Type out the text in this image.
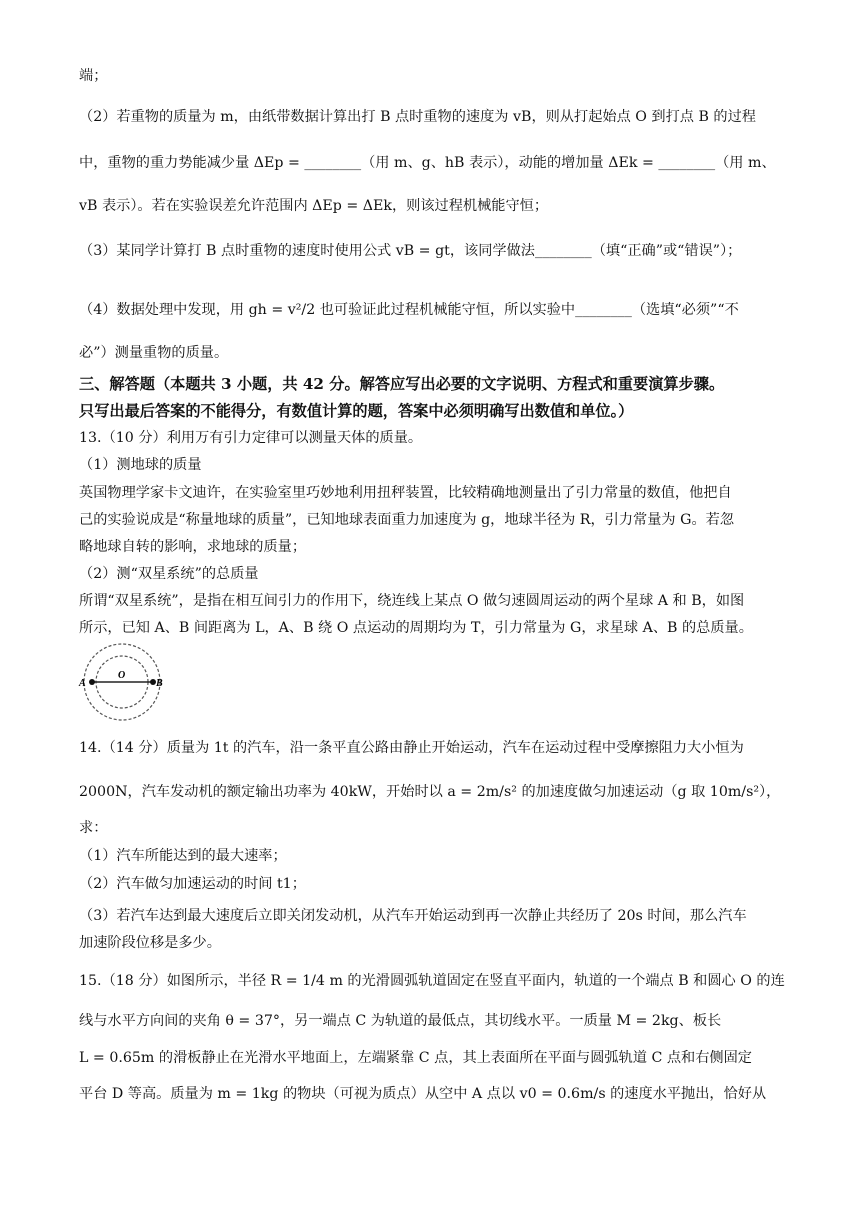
端；
（2）若重物的质量为 m，由纸带数据计算出打 B 点时重物的速度为 vB，则从打起始点 O 到打点 B 的过程
中，重物的重力势能减少量 ΔEp = ________（用 m、g、hB 表示），动能的增加量 ΔEk = ________（用 m、
vB 表示）。若在实验误差允许范围内 ΔEp = ΔEk，则该过程机械能守恒；
（3）某同学计算打 B 点时重物的速度时使用公式 vB = gt，该同学做法________（填“正确”或“错误”）；
（4）数据处理中发现，用 gh = v²/2 也可验证此过程机械能守恒，所以实验中________（选填“必须”“不
必”）测量重物的质量。
三、解答题（本题共 3 小题，共 42 分。解答应写出必要的文字说明、方程式和重要演算步骤。
只写出最后答案的不能得分，有数值计算的题，答案中必须明确写出数值和单位。）
13.（10 分）利用万有引力定律可以测量天体的质量。
（1）测地球的质量
英国物理学家卡文迪许，在实验室里巧妙地利用扭秤装置，比较精确地测量出了引力常量的数值，他把自
己的实验说成是“称量地球的质量”，已知地球表面重力加速度为 g，地球半径为 R，引力常量为 G。若忽
略地球自转的影响，求地球的质量；
（2）测“双星系统”的总质量
所谓“双星系统”，是指在相互间引力的作用下，绕连线上某点 O 做匀速圆周运动的两个星球 A 和 B，如图
所示，已知 A、B 间距离为 L，A、B 绕 O 点运动的周期均为 T，引力常量为 G，求星球 A、B 的总质量。
A
O
B
14.（14 分）质量为 1t 的汽车，沿一条平直公路由静止开始运动，汽车在运动过程中受摩擦阻力大小恒为
2000N，汽车发动机的额定输出功率为 40kW，开始时以 a = 2m/s² 的加速度做匀加速运动（g 取 10m/s²），
求：
（1）汽车所能达到的最大速率；
（2）汽车做匀加速运动的时间 t1；
（3）若汽车达到最大速度后立即关闭发动机，从汽车开始运动到再一次静止共经历了 20s 时间，那么汽车
加速阶段位移是多少。
15.（18 分）如图所示，半径 R = 1/4 m 的光滑圆弧轨道固定在竖直平面内，轨道的一个端点 B 和圆心 O 的连
线与水平方向间的夹角 θ = 37°，另一端点 C 为轨道的最低点，其切线水平。一质量 M = 2kg、板长
L = 0.65m 的滑板静止在光滑水平地面上，左端紧靠 C 点，其上表面所在平面与圆弧轨道 C 点和右侧固定
平台 D 等高。质量为 m = 1kg 的物块（可视为质点）从空中 A 点以 v0 = 0.6m/s 的速度水平抛出，恰好从
